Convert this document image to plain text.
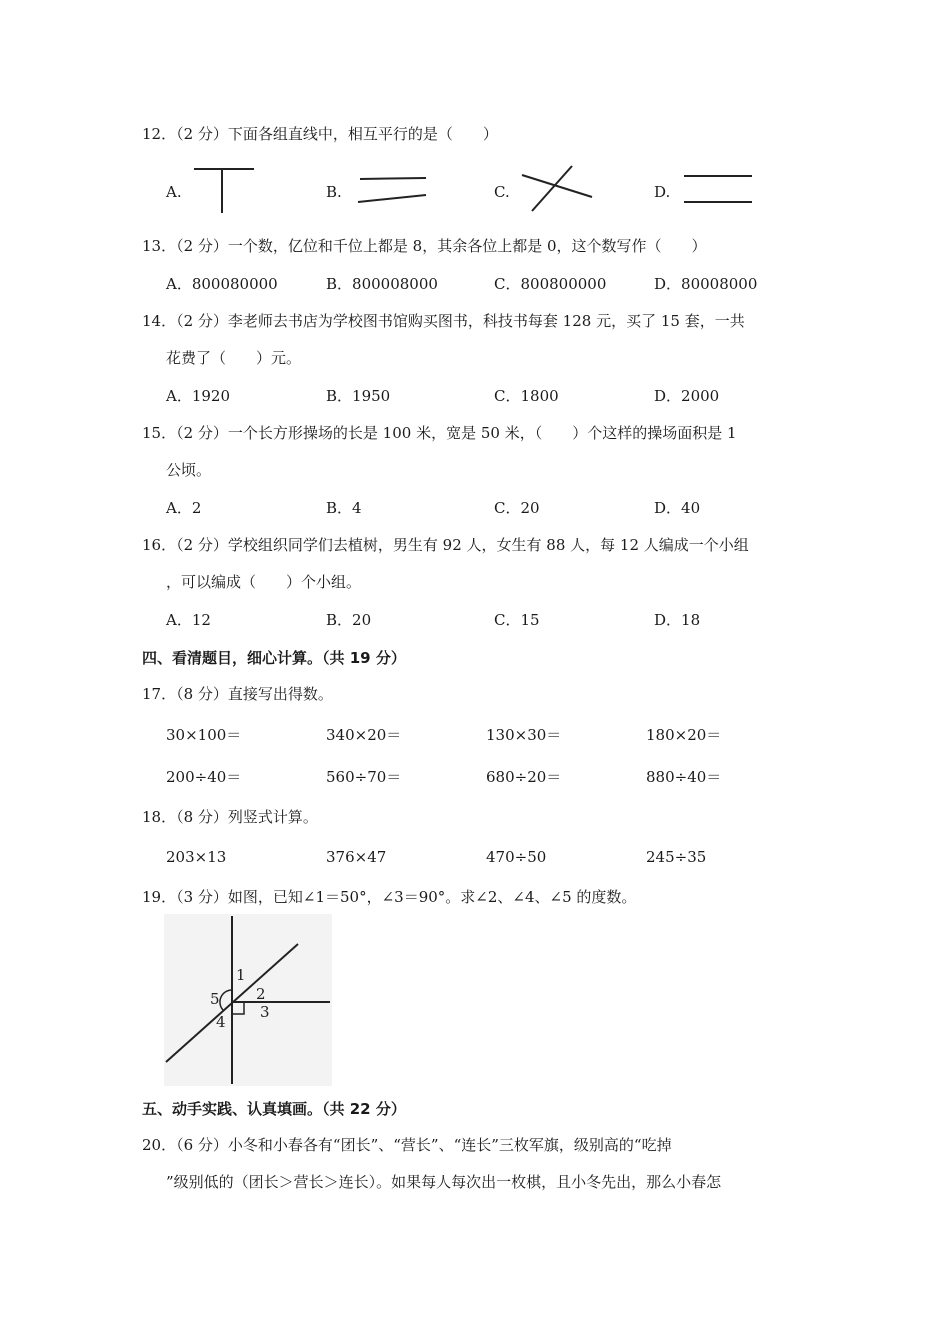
12．（2 分）下面各组直线中，相互平行的是（　　）
A.	B.	C.	D.
13．（2 分）一个数，亿位和千位上都是 8，其余各位上都是 0，这个数写作（　　）
A．800080000	B．800008000	C．800800000	D．80008000
14．（2 分）李老师去书店为学校图书馆购买图书，科技书每套 128 元，买了 15 套，一共
花费了（　　）元。
A．1920	B．1950	C．1800	D．2000
15．（2 分）一个长方形操场的长是 100 米，宽是 50 米，（　　）个这样的操场面积是 1
公顷。
A．2	B．4	C．20	D．40
16．（2 分）学校组织同学们去植树，男生有 92 人，女生有 88 人，每 12 人编成一个小组
，可以编成（　　）个小组。
A．12	B．20	C．15	D．18
四、看清题目，细心计算。（共 19 分）
17．（8 分）直接写出得数。
30×100＝	340×20＝	130×30＝	180×20＝
200÷40＝	560÷70＝	680÷20＝	880÷40＝
18．（8 分）列竖式计算。
203×13	376×47	470÷50	245÷35
19．（3 分）如图，已知∠1＝50°，∠3＝90°。求∠2、∠4、∠5 的度数。
1
2
3
4
5
五、动手实践、认真填画。（共 22 分）
20．（6 分）小冬和小春各有“团长”、“营长”、“连长”三枚军旗，级别高的“吃掉
”级别低的（团长＞营长＞连长）。如果每人每次出一枚棋，且小冬先出，那么小春怎
